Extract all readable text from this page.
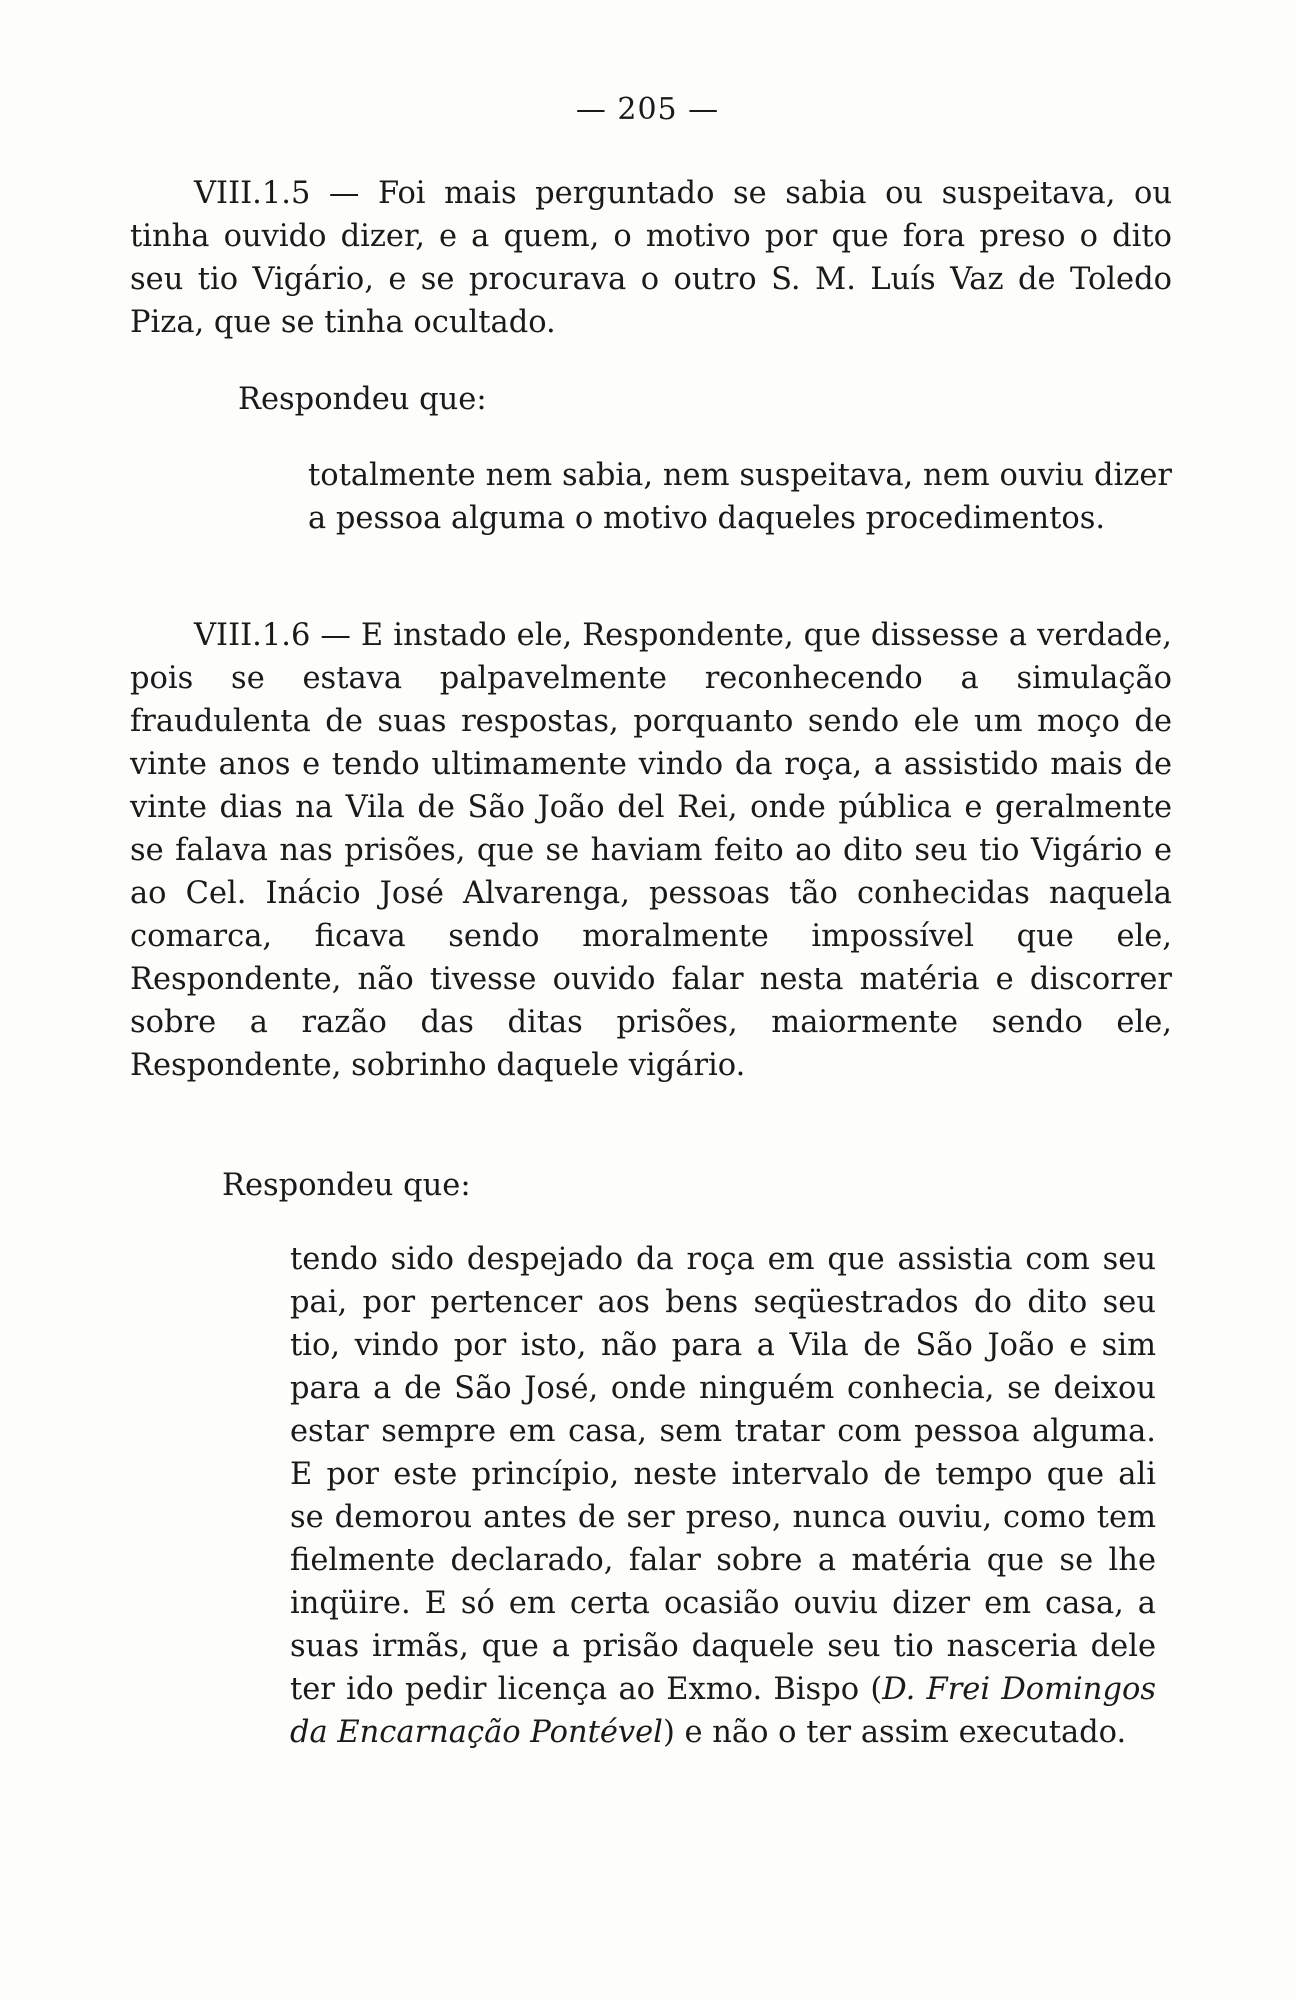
— 205 —

VIII.1.5 — Foi mais perguntado se sabia ou suspeitava, ou tinha ouvido dizer, e a quem, o motivo por que fora preso o dito seu tio Vigário, e se procurava o outro S. M. Luís Vaz de Toledo Piza, que se tinha ocultado.

Respondeu que:

totalmente nem sabia, nem suspeitava, nem ouviu dizer a pessoa alguma o motivo daqueles procedimentos.

VIII.1.6 — E instado ele, Respondente, que dissesse a verdade, pois se estava palpavelmente reconhecendo a simulação fraudulenta de suas respostas, porquanto sendo ele um moço de vinte anos e tendo ultimamente vindo da roça, a assistido mais de vinte dias na Vila de São João del Rei, onde pública e geralmente se falava nas prisões, que se haviam feito ao dito seu tio Vigário e ao Cel. Inácio José Alvarenga, pessoas tão conhecidas naquela comarca, ficava sendo moralmente impossível que ele, Respondente, não tivesse ouvido falar nesta matéria e discorrer sobre a razão das ditas prisões, maiormente sendo ele, Respondente, sobrinho daquele vigário.

Respondeu que:

tendo sido despejado da roça em que assistia com seu pai, por pertencer aos bens seqüestrados do dito seu tio, vindo por isto, não para a Vila de São João e sim para a de São José, onde ninguém conhecia, se deixou estar sempre em casa, sem tratar com pessoa alguma. E por este princípio, neste intervalo de tempo que ali se demorou antes de ser preso, nunca ouviu, como tem fielmente declarado, falar sobre a matéria que se lhe inqüire. E só em certa ocasião ouviu dizer em casa, a suas irmãs, que a prisão daquele seu tio nasceria dele ter ido pedir licença ao Exmo. Bispo (D. Frei Domingos da Encarnação Pontével) e não o ter assim executado.
